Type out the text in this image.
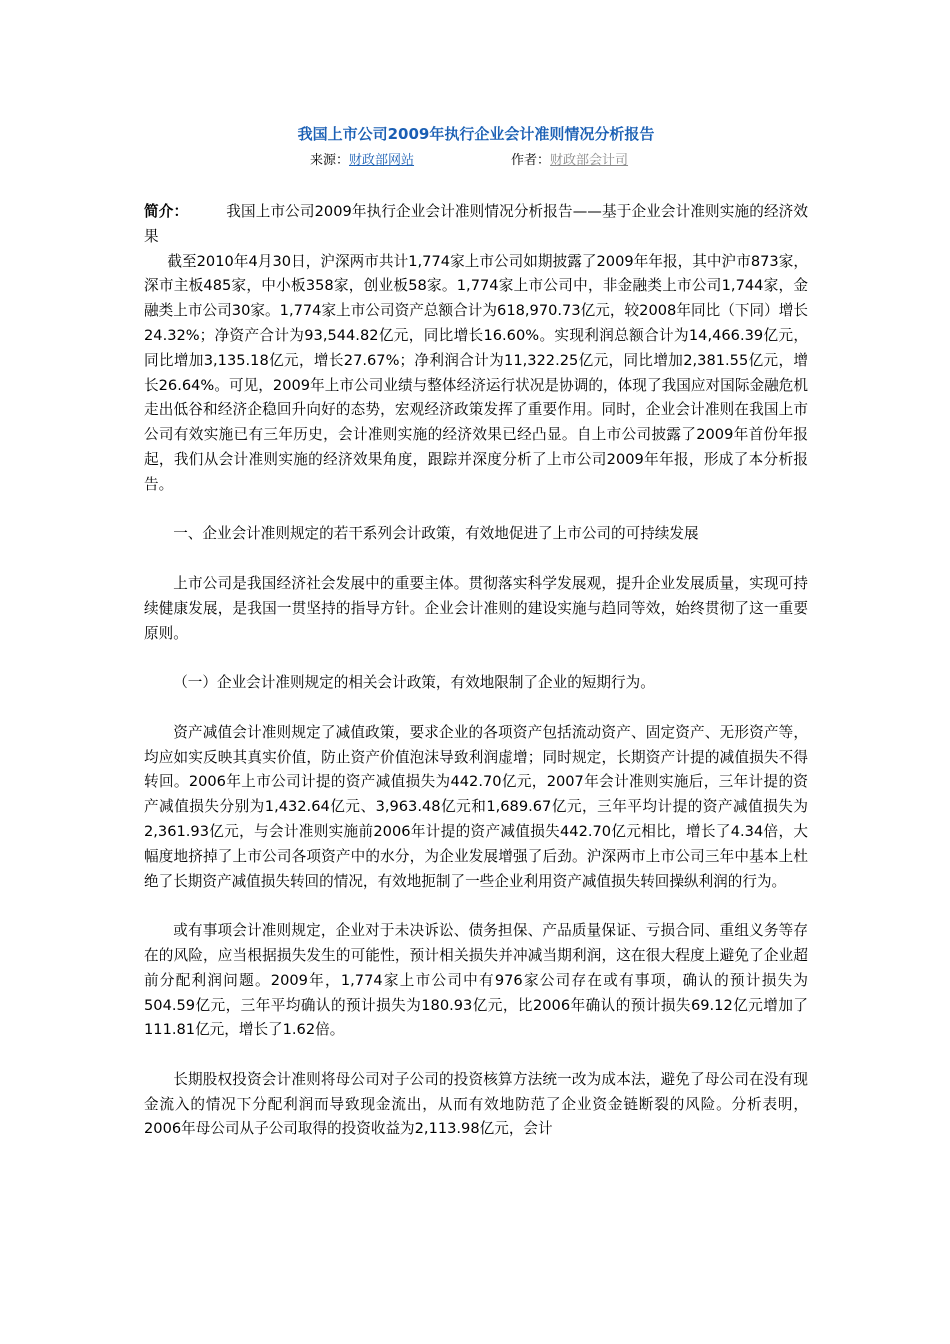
我国上市公司2009年执行企业会计准则情况分析报告
来源：财政部网站	作者：财政部会计司

简介：	我国上市公司2009年执行企业会计准则情况分析报告——基于企业会计准则实施的经济效果

截至2010年4月30日，沪深两市共计1,774家上市公司如期披露了2009年年报，其中沪市873家，深市主板485家，中小板358家，创业板58家。1,774家上市公司中，非金融类上市公司1,744家，金融类上市公司30家。1,774家上市公司资产总额合计为618,970.73亿元，较2008年同比（下同）增长24.32%；净资产合计为93,544.82亿元，同比增长16.60%。实现利润总额合计为14,466.39亿元，同比增加3,135.18亿元，增长27.67%；净利润合计为11,322.25亿元，同比增加2,381.55亿元，增长26.64%。可见，2009年上市公司业绩与整体经济运行状况是协调的，体现了我国应对国际金融危机走出低谷和经济企稳回升向好的态势，宏观经济政策发挥了重要作用。同时，企业会计准则在我国上市公司有效实施已有三年历史，会计准则实施的经济效果已经凸显。自上市公司披露了2009年首份年报起，我们从会计准则实施的经济效果角度，跟踪并深度分析了上市公司2009年年报，形成了本分析报告。

一、企业会计准则规定的若干系列会计政策，有效地促进了上市公司的可持续发展

上市公司是我国经济社会发展中的重要主体。贯彻落实科学发展观，提升企业发展质量，实现可持续健康发展，是我国一贯坚持的指导方针。企业会计准则的建设实施与趋同等效，始终贯彻了这一重要原则。

（一）企业会计准则规定的相关会计政策，有效地限制了企业的短期行为。

资产减值会计准则规定了减值政策，要求企业的各项资产包括流动资产、固定资产、无形资产等，均应如实反映其真实价值，防止资产价值泡沫导致利润虚增；同时规定，长期资产计提的减值损失不得转回。2006年上市公司计提的资产减值损失为442.70亿元，2007年会计准则实施后，三年计提的资产减值损失分别为1,432.64亿元、3,963.48亿元和1,689.67亿元，三年平均计提的资产减值损失为2,361.93亿元，与会计准则实施前2006年计提的资产减值损失442.70亿元相比，增长了4.34倍，大幅度地挤掉了上市公司各项资产中的水分，为企业发展增强了后劲。沪深两市上市公司三年中基本上杜绝了长期资产减值损失转回的情况，有效地扼制了一些企业利用资产减值损失转回操纵利润的行为。

或有事项会计准则规定，企业对于未决诉讼、债务担保、产品质量保证、亏损合同、重组义务等存在的风险，应当根据损失发生的可能性，预计相关损失并冲减当期利润，这在很大程度上避免了企业超前分配利润问题。2009年，1,774家上市公司中有976家公司存在或有事项，确认的预计损失为504.59亿元，三年平均确认的预计损失为180.93亿元，比2006年确认的预计损失69.12亿元增加了111.81亿元，增长了1.62倍。

长期股权投资会计准则将母公司对子公司的投资核算方法统一改为成本法，避免了母公司在没有现金流入的情况下分配利润而导致现金流出，从而有效地防范了企业资金链断裂的风险。分析表明，2006年母公司从子公司取得的投资收益为2,113.98亿元，会计
